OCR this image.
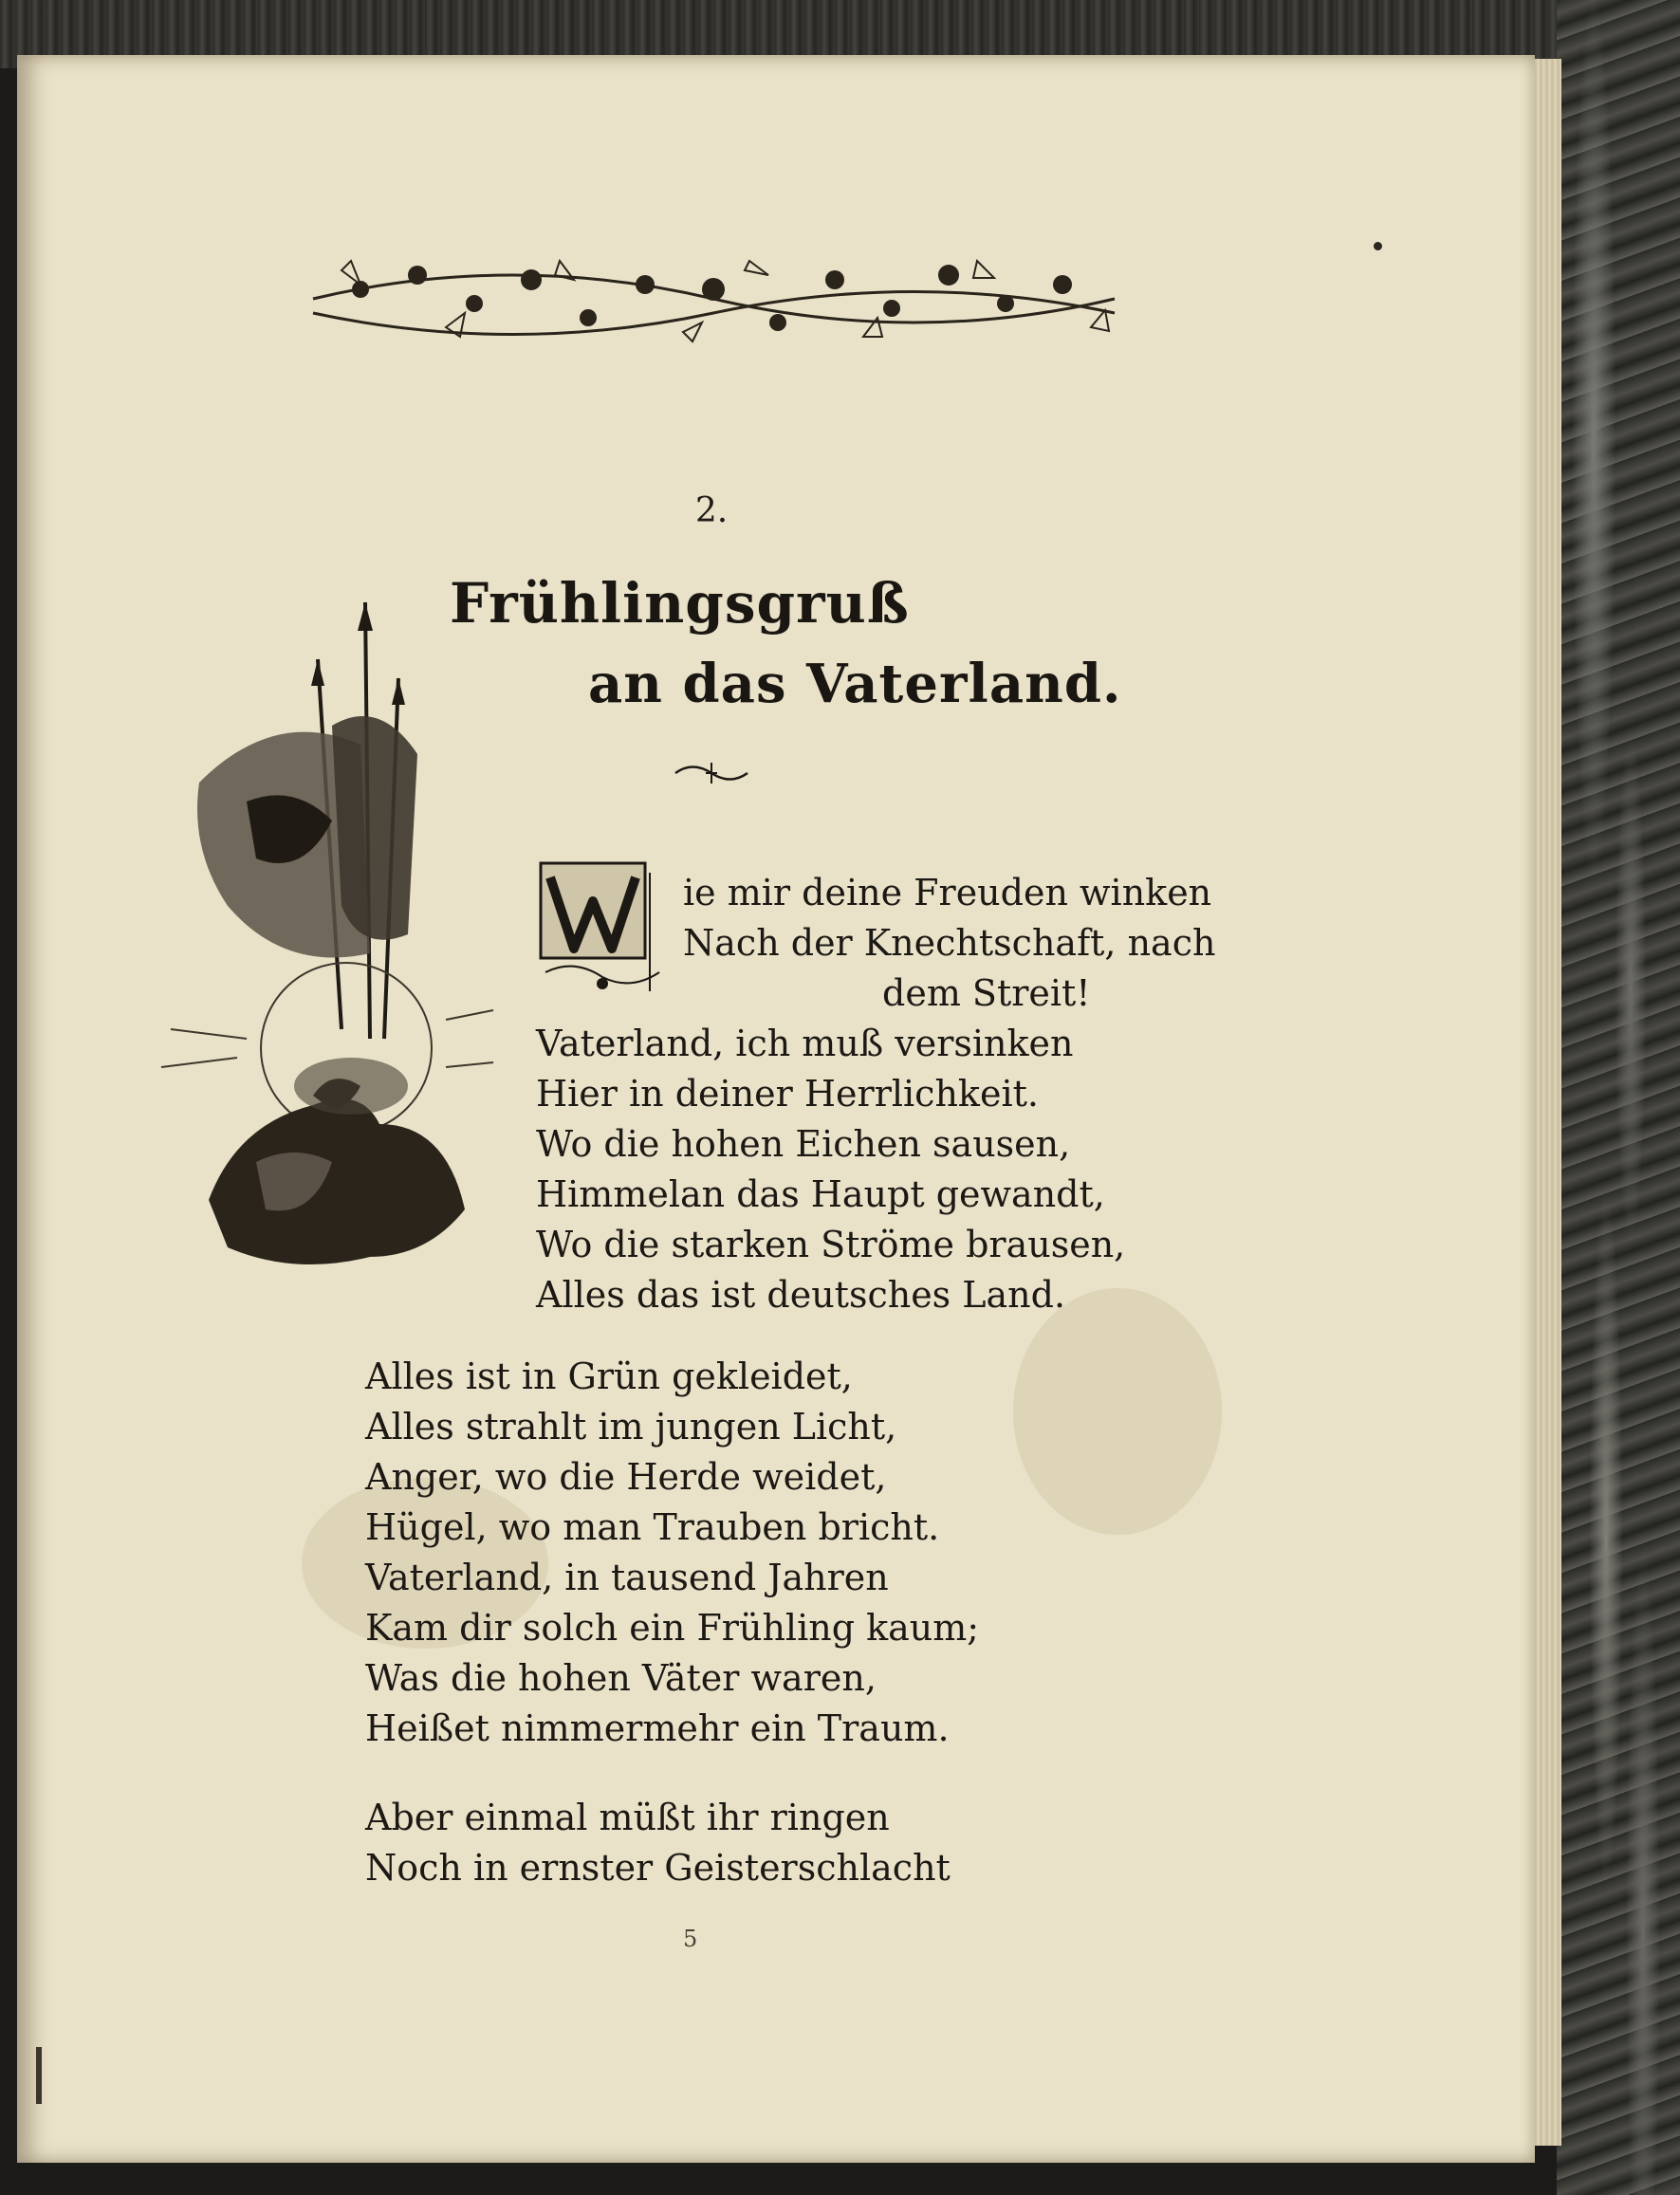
2.
Frühlingsgruß
an das Vaterland.
ie mir deine Freuden winken
Nach der Knechtschaft, nach
dem Streit!
Vaterland, ich muß versinken
Hier in deiner Herrlichkeit.
Wo die hohen Eichen sausen,
Himmelan das Haupt gewandt,
Wo die starken Ströme brausen,
Alles das ist deutsches Land.
Alles ist in Grün gekleidet,
Alles strahlt im jungen Licht,
Anger, wo die Herde weidet,
Hügel, wo man Trauben bricht.
Vaterland, in tausend Jahren
Kam dir solch ein Frühling kaum;
Was die hohen Väter waren,
Heißet nimmermehr ein Traum.
Aber einmal müßt ihr ringen
Noch in ernster Geisterschlacht
5
